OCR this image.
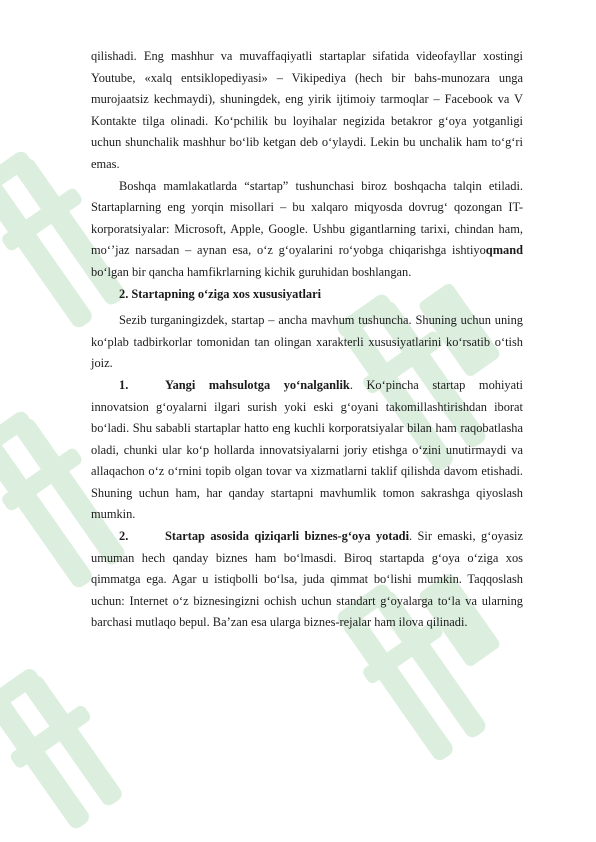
qilishadi. Eng mashhur va muvaffaqiyatli startaplar sifatida videofayllar xostingi Youtube, «xalq entsiklopediyasi» – Vikipediya (hech bir bahs-munozara unga murojaatsiz kechmaydi), shuningdek, eng yirik ijtimoiy tarmoqlar – Facebook va V Kontakte tilga olinadi. Ko‘pchilik bu loyihalar negizida betakror g‘oya yotganligi uchun shunchalik mashhur bo‘lib ketgan deb o‘ylaydi. Lekin bu unchalik ham to‘g‘ri emas.

Boshqa mamlakatlarda “startap” tushunchasi biroz boshqacha talqin etiladi. Startaplarning eng yorqin misollari – bu xalqaro miqyosda dovrug‘ qozongan IT-korporatsiyalar: Microsoft, Apple, Google. Ushbu gigantlarning tarixi, chindan ham, mo‘’jaz narsadan – aynan esa, o‘z g‘oyalarini ro‘yobga chiqarishga ishtiyoqmand bo‘lgan bir qancha hamfikrlarning kichik guruhidan boshlangan.

2. Startapning o‘ziga xos xususiyatlari

Sezib turganingizdek, startap – ancha mavhum tushuncha. Shuning uchun uning ko‘plab tadbirkorlar tomonidan tan olingan xarakterli xususiyatlarini ko‘rsatib o‘tish joiz.

1.	Yangi mahsulotga yo‘nalganlik. Ko‘pincha startap mohiyati innovatsion g‘oyalarni ilgari surish yoki eski g‘oyani takomillashtirishdan iborat bo‘ladi. Shu sababli startaplar hatto eng kuchli korporatsiyalar bilan ham raqobatlasha oladi, chunki ular ko‘p hollarda innovatsiyalarni joriy etishga o‘zini unutirmaydi va allaqachon o‘z o‘rnini topib olgan tovar va xizmatlarni taklif qilishda davom etishadi. Shuning uchun ham, har qanday startapni mavhumlik tomon sakrashga qiyoslash mumkin.

2.	Startap asosida qiziqarli biznes-g‘oya yotadi. Sir emaski, g‘oyasiz umuman hech qanday biznes ham bo‘lmasdi. Biroq startapda g‘oya o‘ziga xos qimmatga ega. Agar u istiqbolli bo‘lsa, juda qimmat bo‘lishi mumkin. Taqqoslash uchun: Internet o‘z biznesingizni ochish uchun standart g‘oyalarga to‘la va ularning barchasi mutlaqo bepul. Ba’zan esa ularga biznes-rejalar ham ilova qilinadi.
